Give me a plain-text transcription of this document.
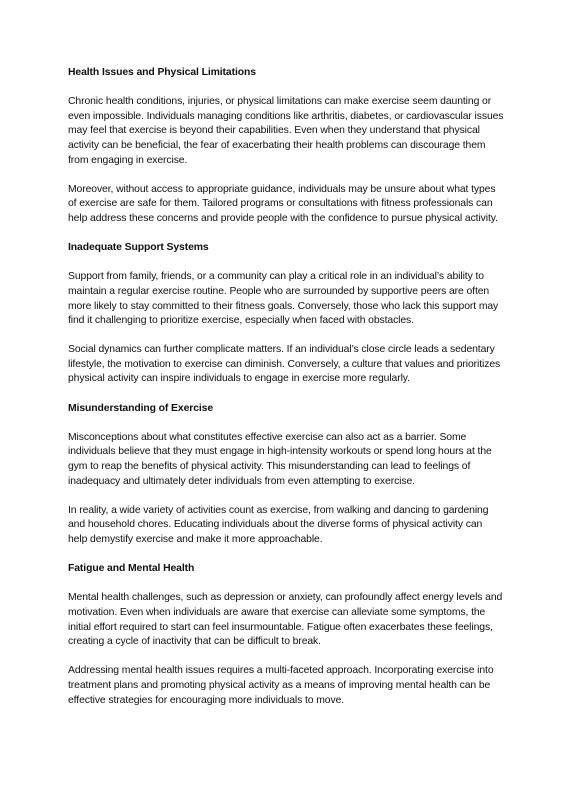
Health Issues and Physical Limitations

Chronic health conditions, injuries, or physical limitations can make exercise seem daunting or even impossible. Individuals managing conditions like arthritis, diabetes, or cardiovascular issues may feel that exercise is beyond their capabilities. Even when they understand that physical activity can be beneficial, the fear of exacerbating their health problems can discourage them from engaging in exercise.

Moreover, without access to appropriate guidance, individuals may be unsure about what types of exercise are safe for them. Tailored programs or consultations with fitness professionals can help address these concerns and provide people with the confidence to pursue physical activity.

Inadequate Support Systems

Support from family, friends, or a community can play a critical role in an individual’s ability to maintain a regular exercise routine. People who are surrounded by supportive peers are often more likely to stay committed to their fitness goals. Conversely, those who lack this support may find it challenging to prioritize exercise, especially when faced with obstacles.

Social dynamics can further complicate matters. If an individual’s close circle leads a sedentary lifestyle, the motivation to exercise can diminish. Conversely, a culture that values and prioritizes physical activity can inspire individuals to engage in exercise more regularly.

Misunderstanding of Exercise

Misconceptions about what constitutes effective exercise can also act as a barrier. Some individuals believe that they must engage in high-intensity workouts or spend long hours at the gym to reap the benefits of physical activity. This misunderstanding can lead to feelings of inadequacy and ultimately deter individuals from even attempting to exercise.

In reality, a wide variety of activities count as exercise, from walking and dancing to gardening and household chores. Educating individuals about the diverse forms of physical activity can help demystify exercise and make it more approachable.

Fatigue and Mental Health

Mental health challenges, such as depression or anxiety, can profoundly affect energy levels and motivation. Even when individuals are aware that exercise can alleviate some symptoms, the initial effort required to start can feel insurmountable. Fatigue often exacerbates these feelings, creating a cycle of inactivity that can be difficult to break.

Addressing mental health issues requires a multi-faceted approach. Incorporating exercise into treatment plans and promoting physical activity as a means of improving mental health can be effective strategies for encouraging more individuals to move.
